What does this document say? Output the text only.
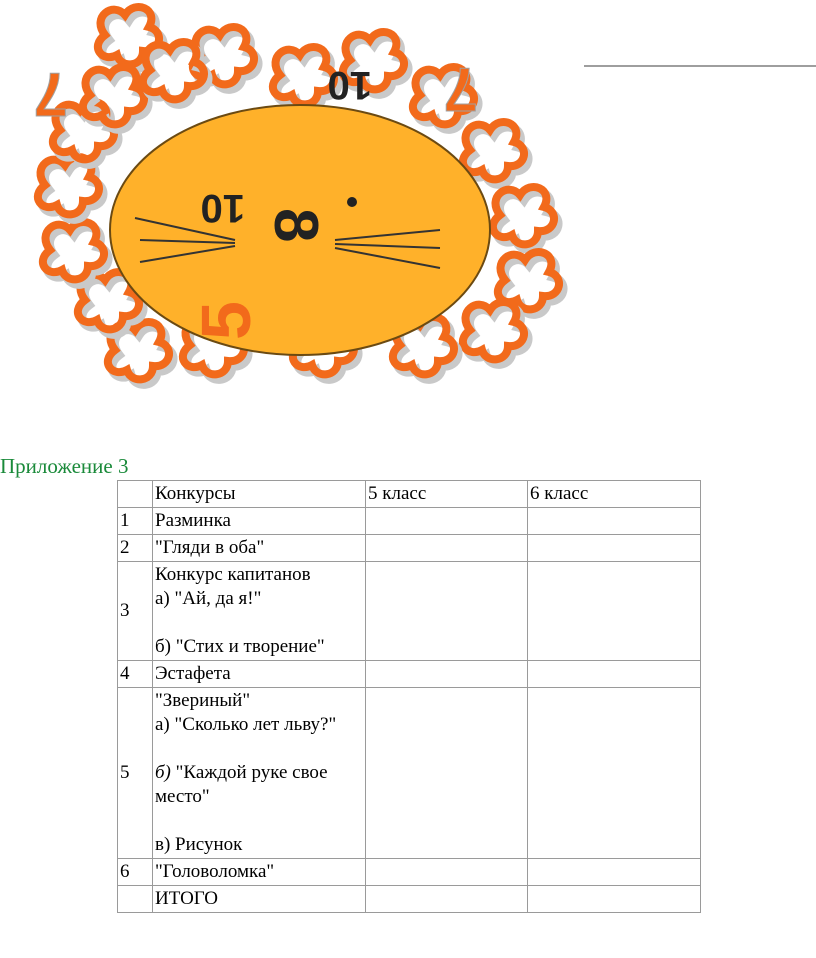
7	10 7
10 8
5
Приложение 3
	Конкурсы	5 класс	6 класс
1	Разминка		

2	"Гляди в оба"		

3	Конкурс капитанов
а) "Ай, да я!"
б) "Стих и творение"		

4	Эстафета		

5	"Звериный"
а) "Сколько лет льву?"
б) "Каждой руке свое
место"
в) Рисунок		

6	"Головоломка"		

	ИТОГО		
